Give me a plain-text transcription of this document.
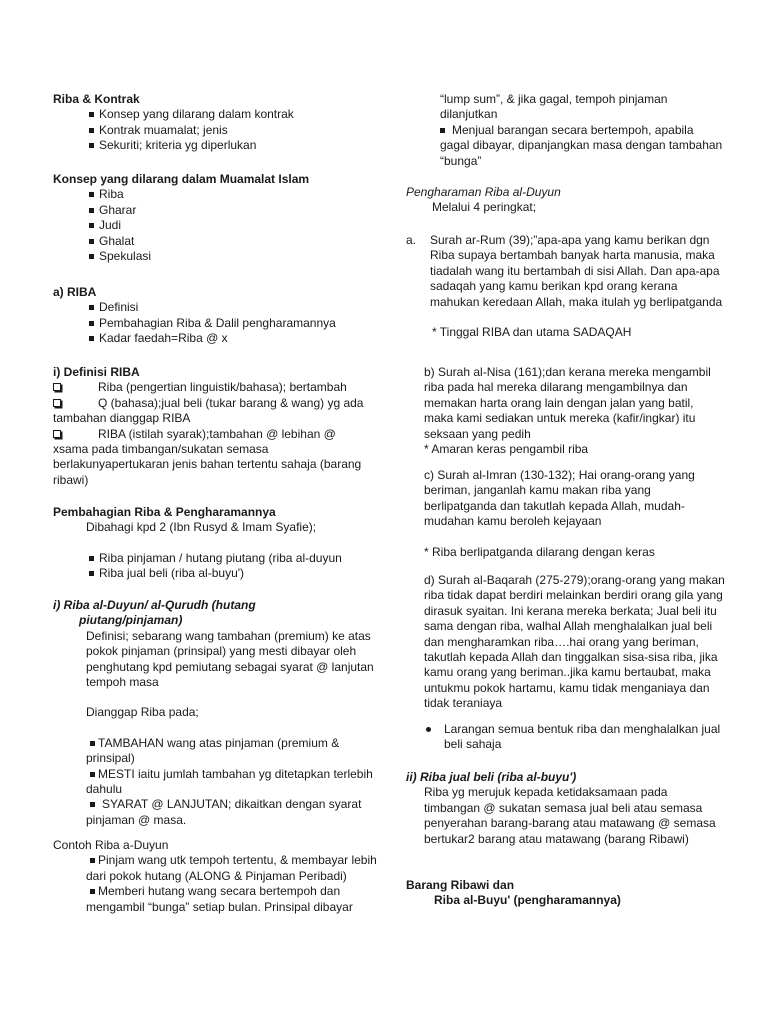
Riba & Kontrak
Konsep yang dilarang dalam kontrak
Kontrak muamalat; jenis
Sekuriti; kriteria yg diperlukan
Konsep yang dilarang dalam Muamalat Islam
Riba
Gharar
Judi
Ghalat
Spekulasi
a) RIBA
Definisi
Pembahagian Riba & Dalil pengharamannya
Kadar faedah=Riba @ x
i) Definisi RIBA
Riba (pengertian linguistik/bahasa); bertambah
Q (bahasa);jual beli (tukar barang & wang) yg ada
tambahan dianggap RIBA
RIBA (istilah syarak);tambahan @ lebihan @
xsama pada timbangan/sukatan semasa berlakunyapertukaran jenis bahan tertentu sahaja (barang ribawi)
Pembahagian Riba & Pengharamannya
Dibahagi kpd 2 (Ibn Rusyd & Imam Syafie);
Riba pinjaman / hutang piutang (riba al-duyun
Riba jual beli (riba al-buyu')
i) Riba al-Duyun/ al-Qurudh (hutang
piutang/pinjaman)
Definisi; sebarang wang tambahan (premium) ke atas pokok pinjaman (prinsipal) yang mesti dibayar oleh penghutang kpd pemiutang sebagai syarat @ lanjutan tempoh masa
Dianggap Riba pada;
TAMBAHAN wang atas pinjaman (premium & prinsipal)
MESTI iaitu jumlah tambahan yg ditetapkan terlebih dahulu
SYARAT @ LANJUTAN; dikaitkan dengan syarat pinjaman @ masa.
Contoh Riba a-Duyun
Pinjam wang utk tempoh tertentu, & membayar lebih dari pokok hutang (ALONG & Pinjaman Peribadi)
Memberi hutang wang secara bertempoh dan mengambil “bunga” setiap bulan. Prinsipal dibayar
“lump sum”, & jika gagal, tempoh pinjaman dilanjutkan
Menjual barangan secara bertempoh, apabila gagal dibayar, dipanjangkan masa dengan tambahan “bunga”
Pengharaman Riba al-Duyun
Melalui 4 peringkat;
a.	Surah ar-Rum (39);”apa-apa yang kamu berikan dgn Riba supaya bertambah banyak harta manusia, maka tiadalah wang itu bertambah di sisi Allah. Dan apa-apa sadaqah yang kamu berikan kpd orang kerana mahukan keredaan Allah, maka itulah yg berlipatganda
* Tinggal RIBA dan utama SADAQAH
b) Surah al-Nisa (161);dan kerana mereka mengambil riba pada hal mereka dilarang mengambilnya dan memakan harta orang lain dengan jalan yang batil, maka kami sediakan untuk mereka (kafir/ingkar) itu seksaan yang pedih
* Amaran keras pengambil riba
c) Surah al-Imran (130-132); Hai orang-orang yang beriman, janganlah kamu makan riba yang berlipatganda dan takutlah kepada Allah, mudah-mudahan kamu beroleh kejayaan
* Riba berlipatganda dilarang dengan keras
d) Surah al-Baqarah (275-279);orang-orang yang makan riba tidak dapat berdiri melainkan berdiri orang gila yang dirasuk syaitan. Ini kerana mereka berkata; Jual beli itu sama dengan riba, walhal Allah menghalalkan jual beli dan mengharamkan riba….hai orang yang beriman, takutlah kepada Allah dan tinggalkan sisa-sisa riba, jika kamu orang yang beriman..jika kamu bertaubat, maka untukmu pokok hartamu, kamu tidak menganiaya dan tidak teraniaya
Larangan semua bentuk riba dan menghalalkan jual beli sahaja
ii) Riba jual beli (riba al-buyu')
Riba yg merujuk kepada ketidaksamaan pada timbangan @ sukatan semasa jual beli atau semasa penyerahan barang-barang atau matawang @ semasa bertukar2 barang atau matawang (barang Ribawi)
Barang Ribawi dan
Riba al-Buyu' (pengharamannya)
